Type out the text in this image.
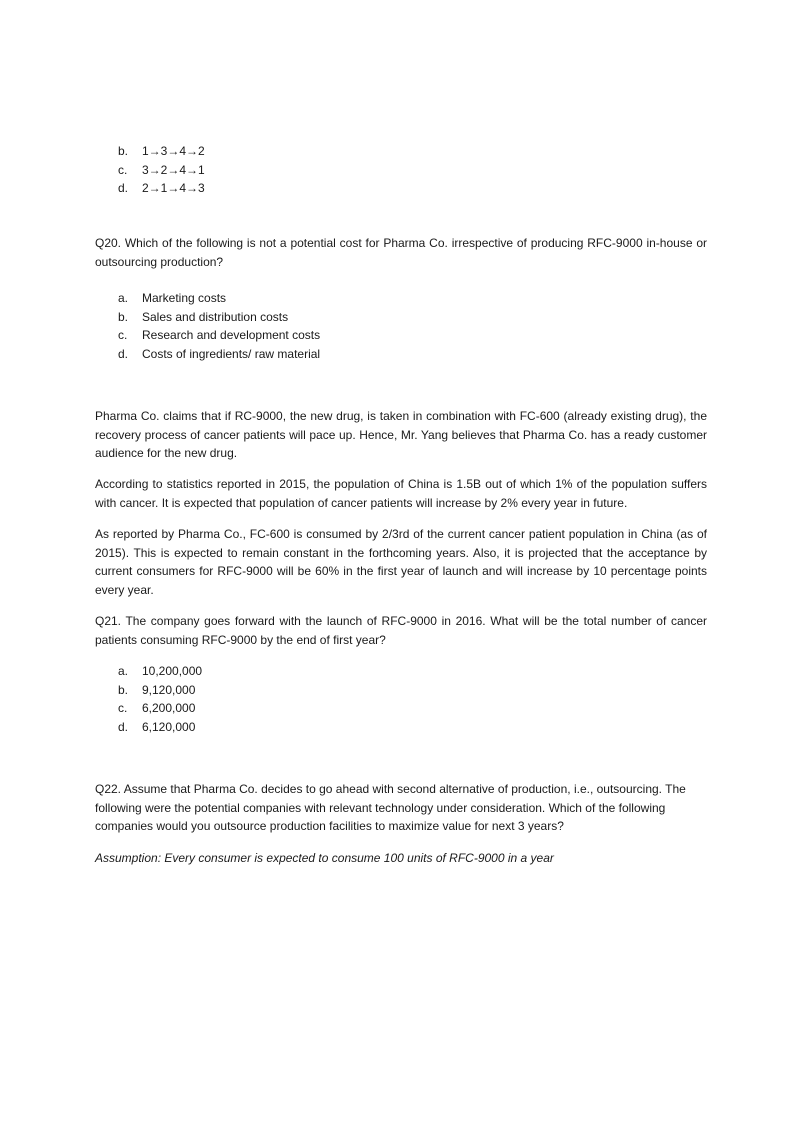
b.	1→3→4→2
c.	3→2→4→1
d.	2→1→4→3

Q20. Which of the following is not a potential cost for Pharma Co. irrespective of producing RFC-9000 in-house or outsourcing production?

a.	Marketing costs
b.	Sales and distribution costs
c.	Research and development costs
d.	Costs of ingredients/ raw material

Pharma Co. claims that if RC-9000, the new drug, is taken in combination with FC-600 (already existing drug), the recovery process of cancer patients will pace up. Hence, Mr. Yang believes that Pharma Co. has a ready customer audience for the new drug.

According to statistics reported in 2015, the population of China is 1.5B out of which 1% of the population suffers with cancer. It is expected that population of cancer patients will increase by 2% every year in future.

As reported by Pharma Co., FC-600 is consumed by 2/3rd of the current cancer patient population in China (as of 2015). This is expected to remain constant in the forthcoming years. Also, it is projected that the acceptance by current consumers for RFC-9000 will be 60% in the first year of launch and will increase by 10 percentage points every year.

Q21. The company goes forward with the launch of RFC-9000 in 2016. What will be the total number of cancer patients consuming RFC-9000 by the end of first year?

a.	10,200,000
b.	9,120,000
c.	6,200,000
d.	6,120,000

Q22. Assume that Pharma Co. decides to go ahead with second alternative of production, i.e., outsourcing. The following were the potential companies with relevant technology under consideration. Which of the following companies would you outsource production facilities to maximize value for next 3 years?

Assumption: Every consumer is expected to consume 100 units of RFC-9000 in a year
